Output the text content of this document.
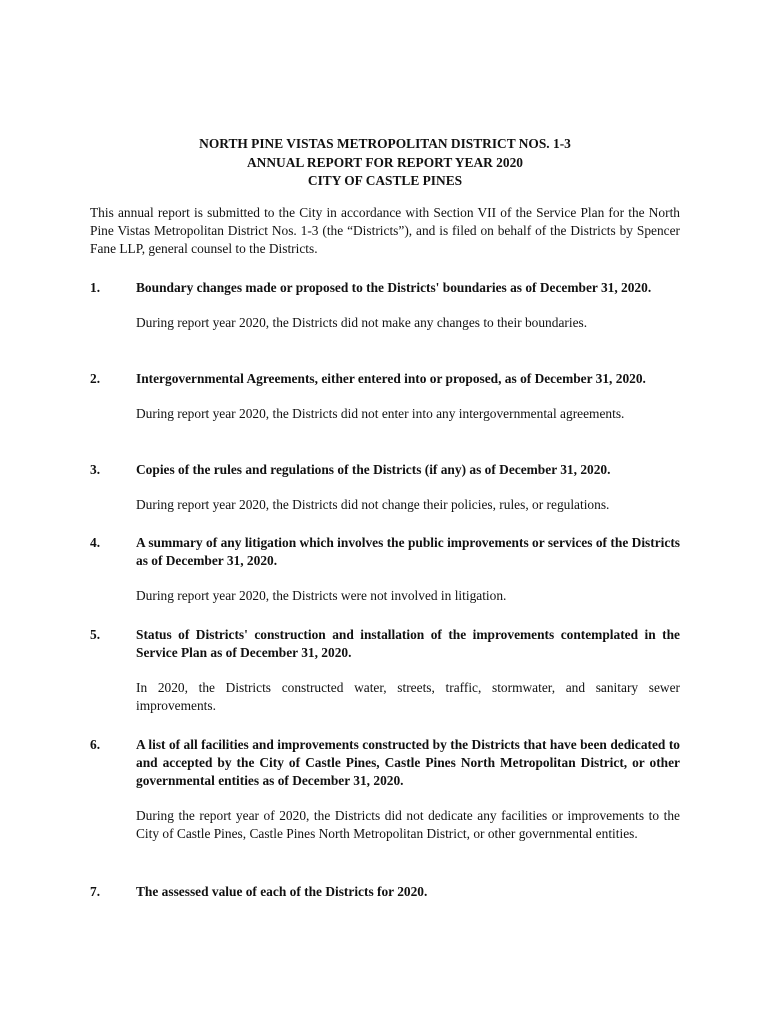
NORTH PINE VISTAS METROPOLITAN DISTRICT NOS. 1-3
ANNUAL REPORT FOR REPORT YEAR 2020
CITY OF CASTLE PINES

This annual report is submitted to the City in accordance with Section VII of the Service Plan for the North Pine Vistas Metropolitan District Nos. 1-3 (the “Districts”), and is filed on behalf of the Districts by Spencer Fane LLP, general counsel to the Districts.

1.	Boundary changes made or proposed to the Districts' boundaries as of December 31, 2020.
During report year 2020, the Districts did not make any changes to their boundaries.
2.	Intergovernmental Agreements, either entered into or proposed, as of December 31, 2020.
During report year 2020, the Districts did not enter into any intergovernmental agreements.
3.	Copies of the rules and regulations of the Districts (if any) as of December 31, 2020.
During report year 2020, the Districts did not change their policies, rules, or regulations.
4.	A summary of any litigation which involves the public improvements or services of the Districts as of December 31, 2020.
During report year 2020, the Districts were not involved in litigation.
5.	Status of Districts' construction and installation of the improvements contemplated in the Service Plan as of December 31, 2020.
In 2020, the Districts constructed water, streets, traffic, stormwater, and sanitary sewer improvements.
6.	A list of all facilities and improvements constructed by the Districts that have been dedicated to and accepted by the City of Castle Pines, Castle Pines North Metropolitan District, or other governmental entities as of December 31, 2020.
During the report year of 2020, the Districts did not dedicate any facilities or improvements to the City of Castle Pines, Castle Pines North Metropolitan District, or other governmental entities.
7.	The assessed value of each of the Districts for 2020.
